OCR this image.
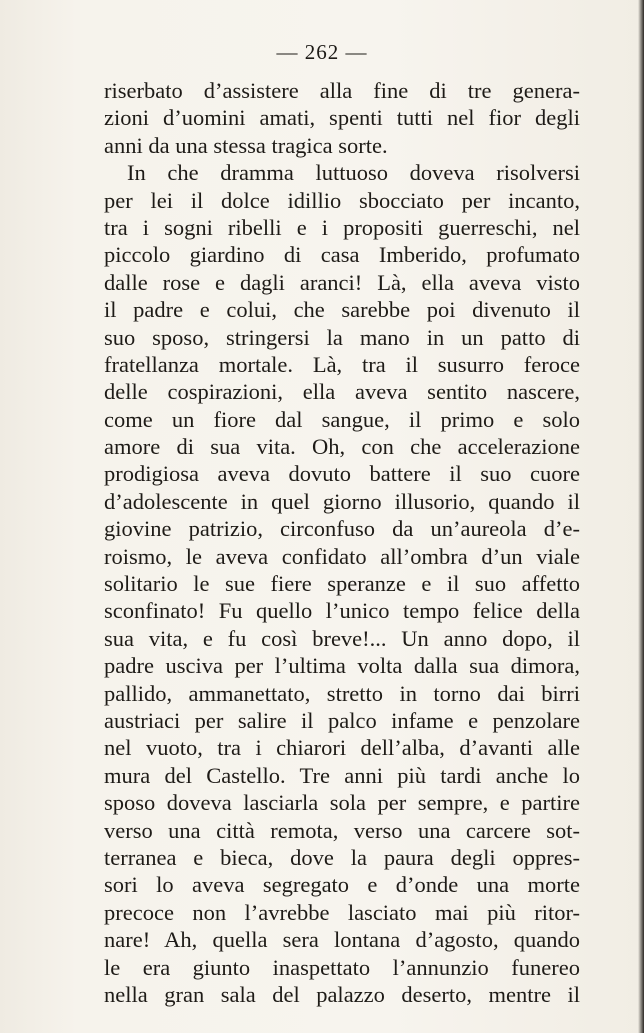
— 262 —
riserbato d’assistere alla fine di tre genera-
zioni d’uomini amati, spenti tutti nel fior degli
anni da una stessa tragica sorte.
In che dramma luttuoso doveva risolversi
per lei il dolce idillio sbocciato per incanto,
tra i sogni ribelli e i propositi guerreschi, nel
piccolo giardino di casa Imberido, profumato
dalle rose e dagli aranci! Là, ella aveva visto
il padre e colui, che sarebbe poi divenuto il
suo sposo, stringersi la mano in un patto di
fratellanza mortale. Là, tra il susurro feroce
delle cospirazioni, ella aveva sentito nascere,
come un fiore dal sangue, il primo e solo
amore di sua vita. Oh, con che accelerazione
prodigiosa aveva dovuto battere il suo cuore
d’adolescente in quel giorno illusorio, quando il
giovine patrizio, circonfuso da un’aureola d’e-
roismo, le aveva confidato all’ombra d’un viale
solitario le sue fiere speranze e il suo affetto
sconfinato! Fu quello l’unico tempo felice della
sua vita, e fu così breve!... Un anno dopo, il
padre usciva per l’ultima volta dalla sua dimora,
pallido, ammanettato, stretto in torno dai birri
austriaci per salire il palco infame e penzolare
nel vuoto, tra i chiarori dell’alba, d’avanti alle
mura del Castello. Tre anni più tardi anche lo
sposo doveva lasciarla sola per sempre, e partire
verso una città remota, verso una carcere sot-
terranea e bieca, dove la paura degli oppres-
sori lo aveva segregato e d’onde una morte
precoce non l’avrebbe lasciato mai più ritor-
nare! Ah, quella sera lontana d’agosto, quando
le era giunto inaspettato l’annunzio funereo
nella gran sala del palazzo deserto, mentre il
